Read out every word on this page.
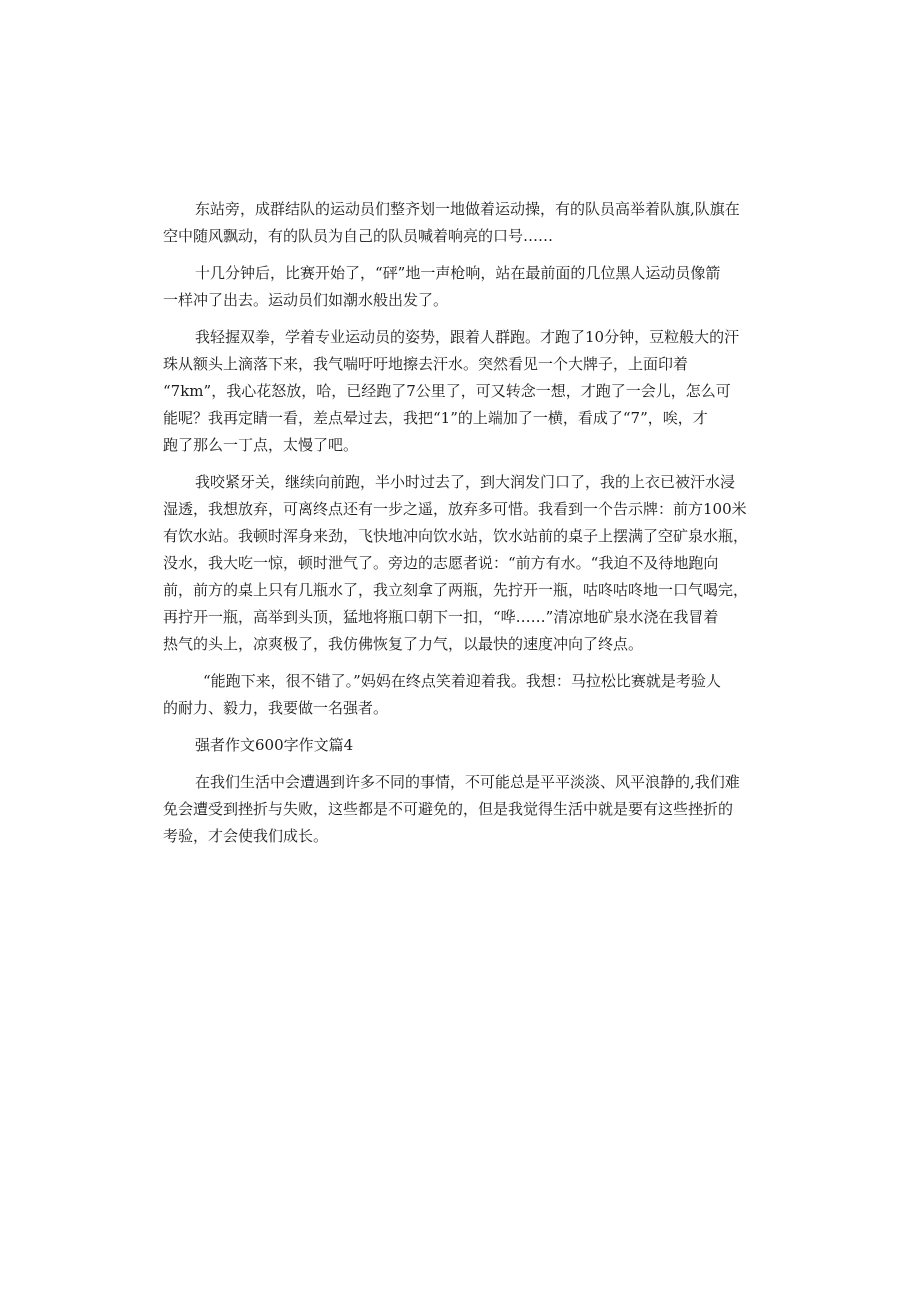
东站旁，成群结队的运动员们整齐划一地做着运动操，有的队员高举着队旗,队旗在
空中随风飘动，有的队员为自己的队员喊着响亮的口号……

十几分钟后，比赛开始了，“砰”地一声枪响，站在最前面的几位黑人运动员像箭
一样冲了出去。运动员们如潮水般出发了。

我轻握双拳，学着专业运动员的姿势，跟着人群跑。才跑了10分钟，豆粒般大的汗
珠从额头上滴落下来，我气喘吁吁地擦去汗水。突然看见一个大牌子，上面印着
“7km”，我心花怒放，哈，已经跑了7公里了，可又转念一想，才跑了一会儿，怎么可
能呢？我再定睛一看，差点晕过去，我把“1”的上端加了一横，看成了“7”，唉，才
跑了那么一丁点，太慢了吧。

我咬紧牙关，继续向前跑，半小时过去了，到大润发门口了，我的上衣已被汗水浸
湿透，我想放弃，可离终点还有一步之遥，放弃多可惜。我看到一个告示牌：前方100米
有饮水站。我顿时浑身来劲，飞快地冲向饮水站，饮水站前的桌子上摆满了空矿泉水瓶，
没水，我大吃一惊，顿时泄气了。旁边的志愿者说：“前方有水。“我迫不及待地跑向
前，前方的桌上只有几瓶水了，我立刻拿了两瓶，先拧开一瓶，咕咚咕咚地一口气喝完，
再拧开一瓶，高举到头顶，猛地将瓶口朝下一扣，“哗……”清凉地矿泉水浇在我冒着
热气的头上，凉爽极了，我仿佛恢复了力气，以最快的速度冲向了终点。

“能跑下来，很不错了。”妈妈在终点笑着迎着我。我想：马拉松比赛就是考验人
的耐力、毅力，我要做一名强者。

强者作文600字作文篇4

在我们生活中会遭遇到许多不同的事情，不可能总是平平淡淡、风平浪静的,我们难
免会遭受到挫折与失败，这些都是不可避免的，但是我觉得生活中就是要有这些挫折的
考验，才会使我们成长。
